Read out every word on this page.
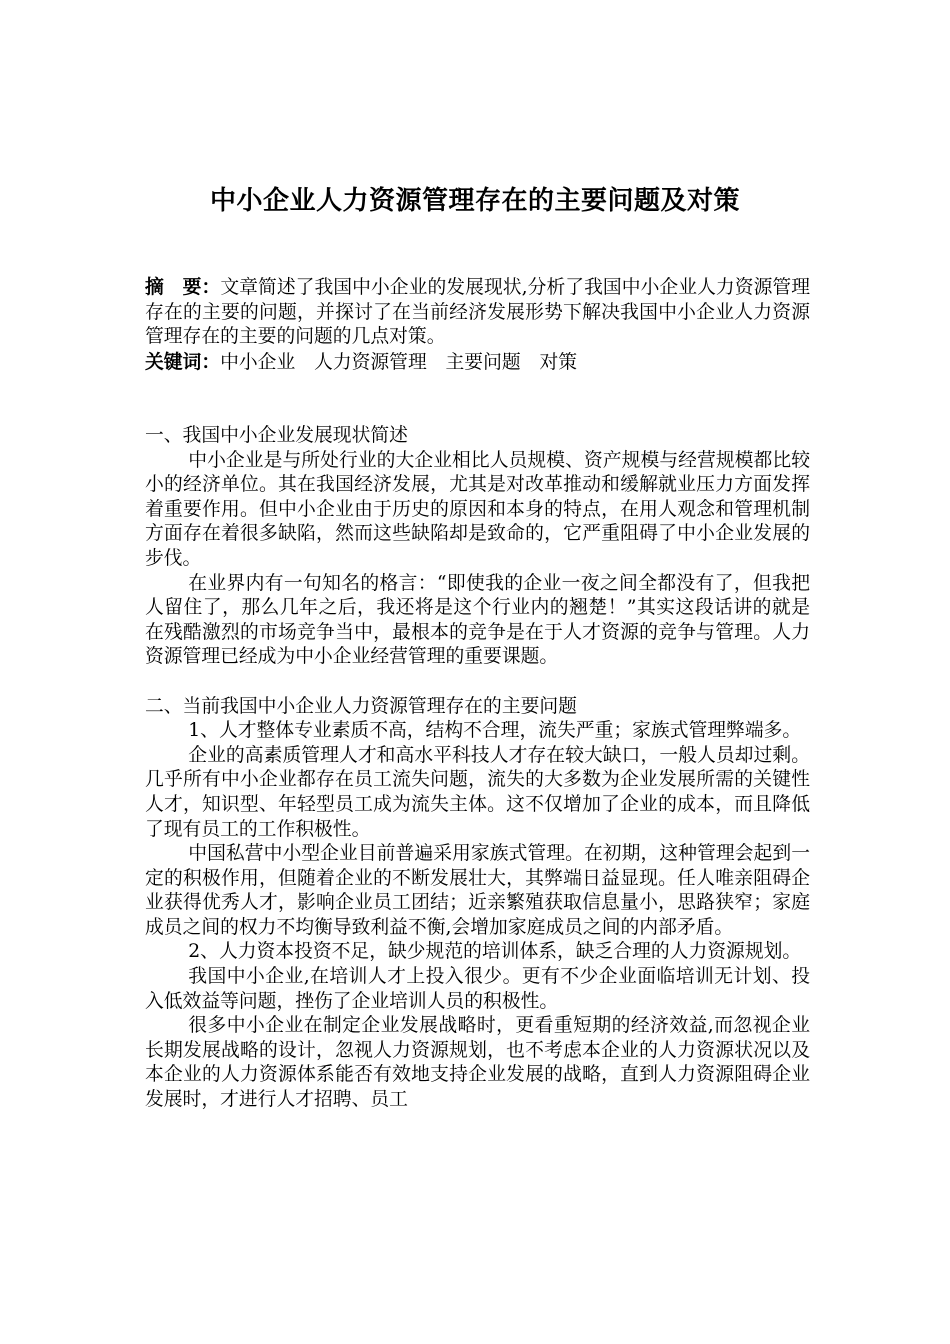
中小企业人力资源管理存在的主要问题及对策

摘　要：文章简述了我国中小企业的发展现状,分析了我国中小企业人力资源管理存在的主要的问题，并探讨了在当前经济发展形势下解决我国中小企业人力资源管理存在的主要的问题的几点对策。

关键词：中小企业 人力资源管理 主要问题 对策

一、我国中小企业发展现状简述

中小企业是与所处行业的大企业相比人员规模、资产规模与经营规模都比较小的经济单位。其在我国经济发展，尤其是对改革推动和缓解就业压力方面发挥着重要作用。但中小企业由于历史的原因和本身的特点，在用人观念和管理机制方面存在着很多缺陷，然而这些缺陷却是致命的，它严重阻碍了中小企业发展的步伐。

在业界内有一句知名的格言：“即使我的企业一夜之间全都没有了，但我把人留住了，那么几年之后，我还将是这个行业内的翘楚！”其实这段话讲的就是在残酷激烈的市场竞争当中，最根本的竞争是在于人才资源的竞争与管理。人力资源管理已经成为中小企业经营管理的重要课题。

二、当前我国中小企业人力资源管理存在的主要问题

1、人才整体专业素质不高，结构不合理，流失严重；家族式管理弊端多。

企业的高素质管理人才和高水平科技人才存在较大缺口，一般人员却过剩。几乎所有中小企业都存在员工流失问题，流失的大多数为企业发展所需的关键性人才，知识型、年轻型员工成为流失主体。这不仅增加了企业的成本，而且降低了现有员工的工作积极性。

中国私营中小型企业目前普遍采用家族式管理。在初期，这种管理会起到一定的积极作用，但随着企业的不断发展壮大，其弊端日益显现。任人唯亲阻碍企业获得优秀人才，影响企业员工团结；近亲繁殖获取信息量小，思路狭窄；家庭成员之间的权力不均衡导致利益不衡,会增加家庭成员之间的内部矛盾。

2、人力资本投资不足，缺少规范的培训体系，缺乏合理的人力资源规划。

我国中小企业,在培训人才上投入很少。更有不少企业面临培训无计划、投入低效益等问题，挫伤了企业培训人员的积极性。

很多中小企业在制定企业发展战略时，更看重短期的经济效益,而忽视企业长期发展战略的设计，忽视人力资源规划，也不考虑本企业的人力资源状况以及本企业的人力资源体系能否有效地支持企业发展的战略，直到人力资源阻碍企业发展时，才进行人才招聘、员工
